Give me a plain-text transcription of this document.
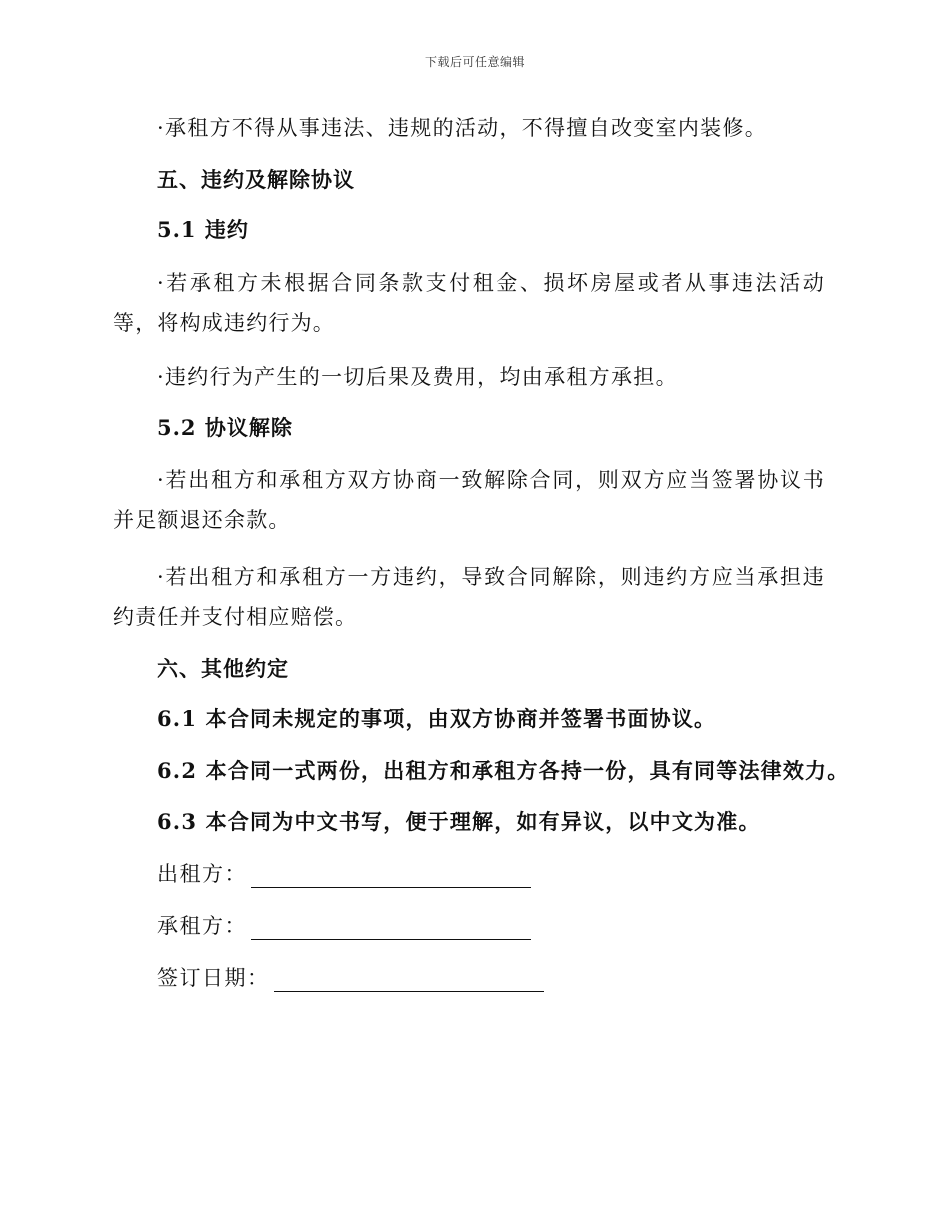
下载后可任意编辑
·承租方不得从事违法、违规的活动，不得擅自改变室内装修。
五、违约及解除协议
5.1 违约
·若承租方未根据合同条款支付租金、损坏房屋或者从事违法活动等，将构成违约行为。
·违约行为产生的一切后果及费用，均由承租方承担。
5.2 协议解除
·若出租方和承租方双方协商一致解除合同，则双方应当签署协议书并足额退还余款。
·若出租方和承租方一方违约，导致合同解除，则违约方应当承担违约责任并支付相应赔偿。
六、其他约定
6.1 本合同未规定的事项，由双方协商并签署书面协议。
6.2 本合同一式两份，出租方和承租方各持一份，具有同等法律效力。
6.3 本合同为中文书写，便于理解，如有异议，以中文为准。
出租方：
承租方：
签订日期：
